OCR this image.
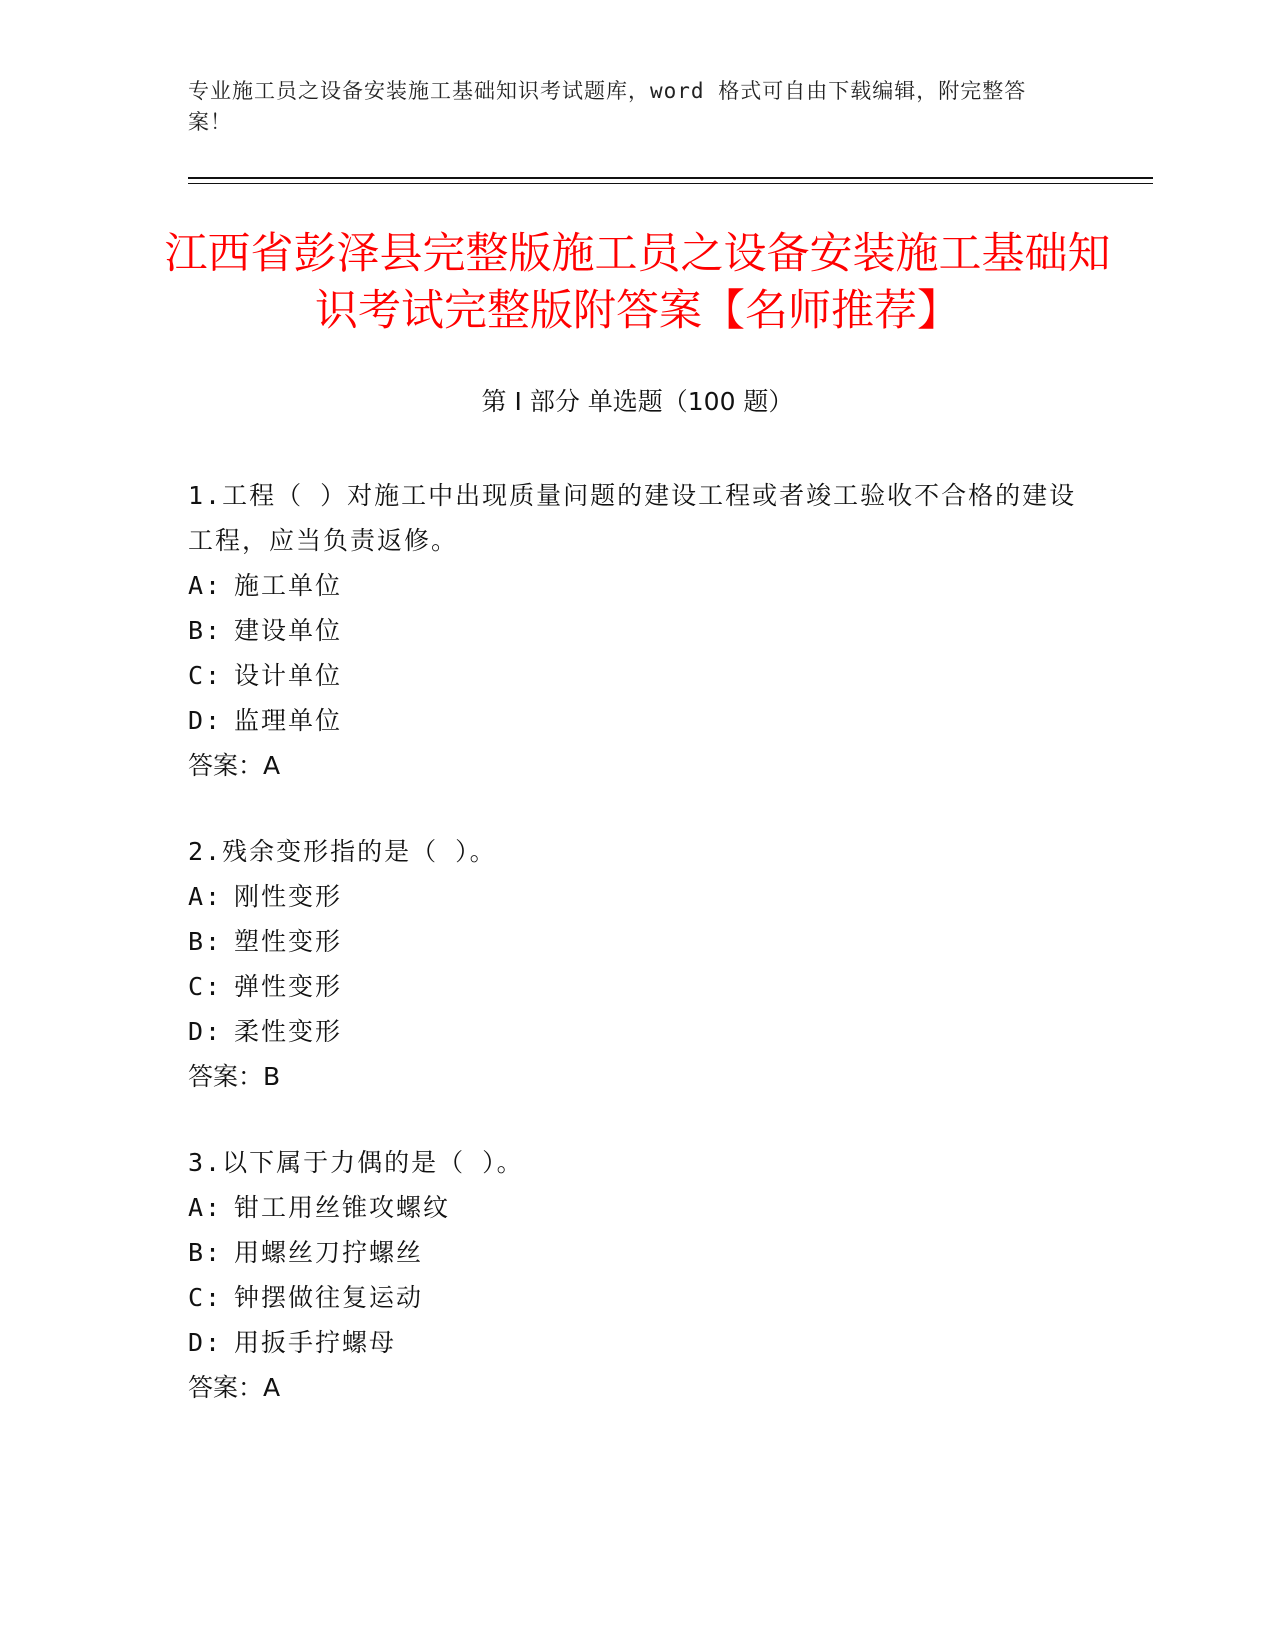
专业施工员之设备安装施工基础知识考试题库，word 格式可自由下载编辑，附完整答案！
江西省彭泽县完整版施工员之设备安装施工基础知识考试完整版附答案【名师推荐】
第 I 部分 单选题（100 题）
1.工程（ ）对施工中出现质量问题的建设工程或者竣工验收不合格的建设工程，应当负责返修。
A: 施工单位
B: 建设单位
C: 设计单位
D: 监理单位
答案：A
2.残余变形指的是（ ）。
A: 刚性变形
B: 塑性变形
C: 弹性变形
D: 柔性变形
答案：B
3.以下属于力偶的是（ ）。
A: 钳工用丝锥攻螺纹
B: 用螺丝刀拧螺丝
C: 钟摆做往复运动
D: 用扳手拧螺母
答案：A
